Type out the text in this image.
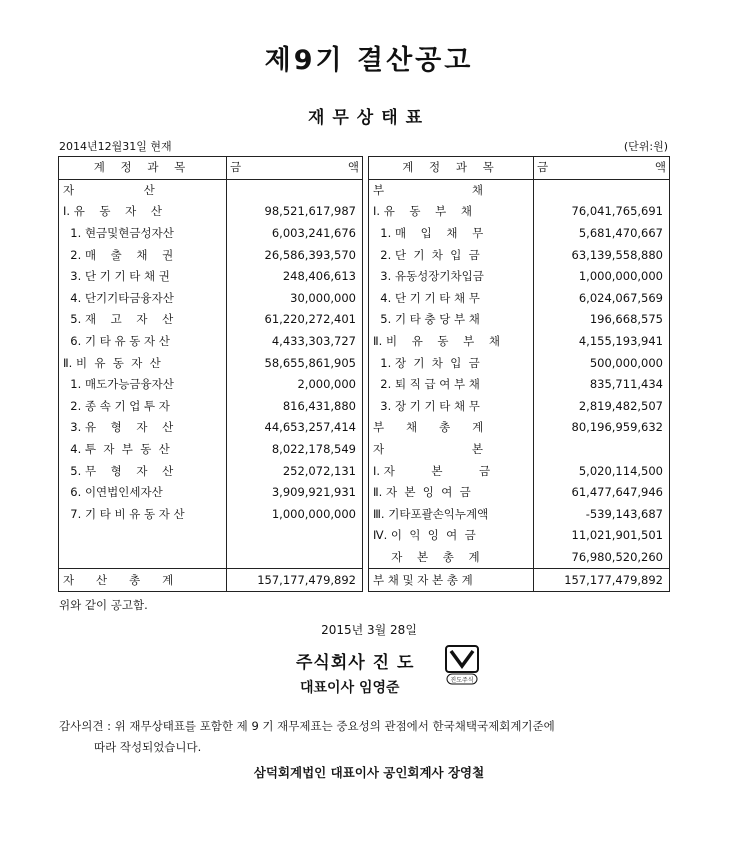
제9기 결산공고
재무상태표
2014년12월31일 현재	(단위:원)
계 정 과 목	금 액		계 정 과 목	금 액
자                   산			부                        채	
Ⅰ. 유    동    자    산	98,521,617,987		Ⅰ. 유    동    부    채	76,041,765,691
1. 현금및현금성자산	6,003,241,676		1. 매    입    채    무	5,681,470,667
2. 매    출    채    권	26,586,393,570		2. 단  기  차  입  금	63,139,558,880
3. 단 기 기 타 채 권	248,406,613		3. 유동성장기차입금	1,000,000,000
4. 단기기타금융자산	30,000,000		4. 단 기 기 타 채 무	6,024,067,569
5. 재    고    자    산	61,220,272,401		5. 기 타 충 당 부 채	196,668,575
6. 기 타 유 동 자 산	4,433,303,727		Ⅱ. 비    유    동    부    채	4,155,193,941
Ⅱ. 비  유  동  자  산	58,655,861,905		1. 장  기  차  입  금	500,000,000
1. 매도가능금융자산	2,000,000		2. 퇴 직 급 여 부 채	835,711,434
2. 종 속 기 업 투 자	816,431,880		3. 장 기 기 타 채 무	2,819,482,507
3. 유    형    자    산	44,653,257,414		부      채      총      계	80,196,959,632
4. 투  자  부  동  산	8,022,178,549		자                        본	
5. 무    형    자    산	252,072,131		Ⅰ. 자          본          금	5,020,114,500
6. 이연법인세자산	3,909,921,931		Ⅱ. 자  본  잉  여  금	61,477,647,946
7. 기 타 비 유 동 자 산	1,000,000,000		Ⅲ. 기타포괄손익누계액	-539,143,687
			Ⅳ. 이  익  잉  여  금	11,021,901,501
			자    본    총    계	76,980,520,260
자      산      총      계	157,177,479,892		부 채 및 자 본 총 계	157,177,479,892
위와 같이 공고함.
2015년 3월 28일
주식회사 진 도
진도주식
대표이사 임영준
감사의견 : 위 재무상태표를 포함한 제 9 기 재무제표는 중요성의 관점에서 한국채택국제회계기준에
따라 작성되었습니다.
삼덕회계법인 대표이사 공인회계사 장영철
